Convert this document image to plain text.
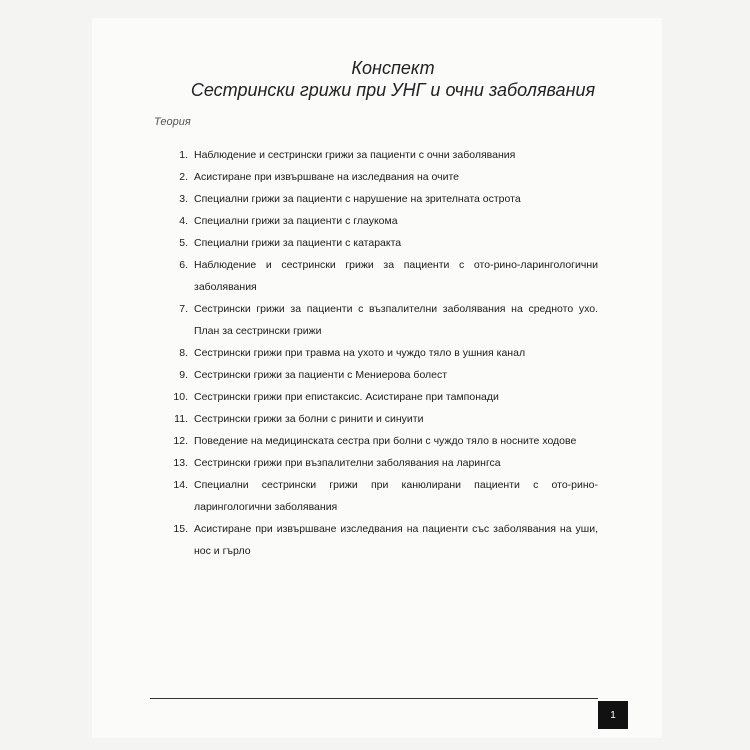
Конспект
Сестрински грижи при УНГ и очни заболявания
Теория
1. Наблюдение и сестрински грижи за пациенти с очни заболявания
2. Асистиране при извършване на изследвания на очите
3. Специални грижи за пациенти с нарушение на зрителната острота
4. Специални грижи за пациенти с глаукома
5. Специални грижи за пациенти с катаракта
6. Наблюдение и сестрински грижи за пациенти с ото-рино-ларингологични заболявания
7. Сестрински грижи за пациенти с възпалителни заболявания на средното ухо. План за сестрински грижи
8. Сестрински грижи при травма на ухото и чуждо тяло в ушния канал
9. Сестрински грижи за пациенти с Мениерова болест
10. Сестрински грижи при епистаксис. Асистиране при тампонади
11. Сестрински грижи за болни с ринити и синуити
12. Поведение на медицинската сестра при болни с чуждо тяло в носните ходове
13. Сестрински грижи при възпалителни заболявания на ларингса
14. Специални сестрински грижи при канюлирани пациенти с ото-рино-ларингологични заболявания
15. Асистиране при извършване изследвания на пациенти със заболявания на уши, нос и гърло
1
